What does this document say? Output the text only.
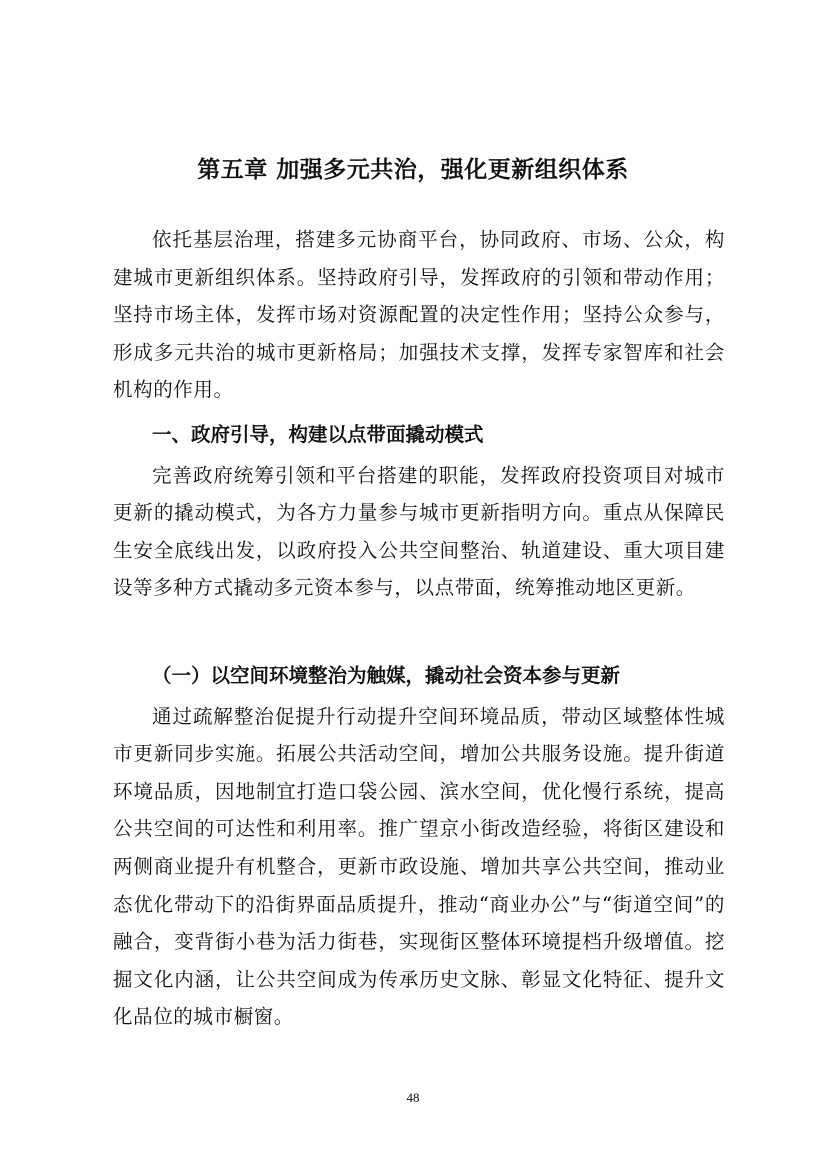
第五章 加强多元共治，强化更新组织体系

依托基层治理，搭建多元协商平台，协同政府、市场、公众，构建城市更新组织体系。坚持政府引导，发挥政府的引领和带动作用；坚持市场主体，发挥市场对资源配置的决定性作用；坚持公众参与，形成多元共治的城市更新格局；加强技术支撑，发挥专家智库和社会机构的作用。

一、政府引导，构建以点带面撬动模式

完善政府统筹引领和平台搭建的职能，发挥政府投资项目对城市更新的撬动模式，为各方力量参与城市更新指明方向。重点从保障民生安全底线出发，以政府投入公共空间整治、轨道建设、重大项目建设等多种方式撬动多元资本参与，以点带面，统筹推动地区更新。

（一）以空间环境整治为触媒，撬动社会资本参与更新

通过疏解整治促提升行动提升空间环境品质，带动区域整体性城市更新同步实施。拓展公共活动空间，增加公共服务设施。提升街道环境品质，因地制宜打造口袋公园、滨水空间，优化慢行系统，提高公共空间的可达性和利用率。推广望京小街改造经验，将街区建设和两侧商业提升有机整合，更新市政设施、增加共享公共空间，推动业态优化带动下的沿街界面品质提升，推动“商业办公”与“街道空间”的融合，变背街小巷为活力街巷，实现街区整体环境提档升级增值。挖掘文化内涵，让公共空间成为传承历史文脉、彰显文化特征、提升文化品位的城市橱窗。

48
